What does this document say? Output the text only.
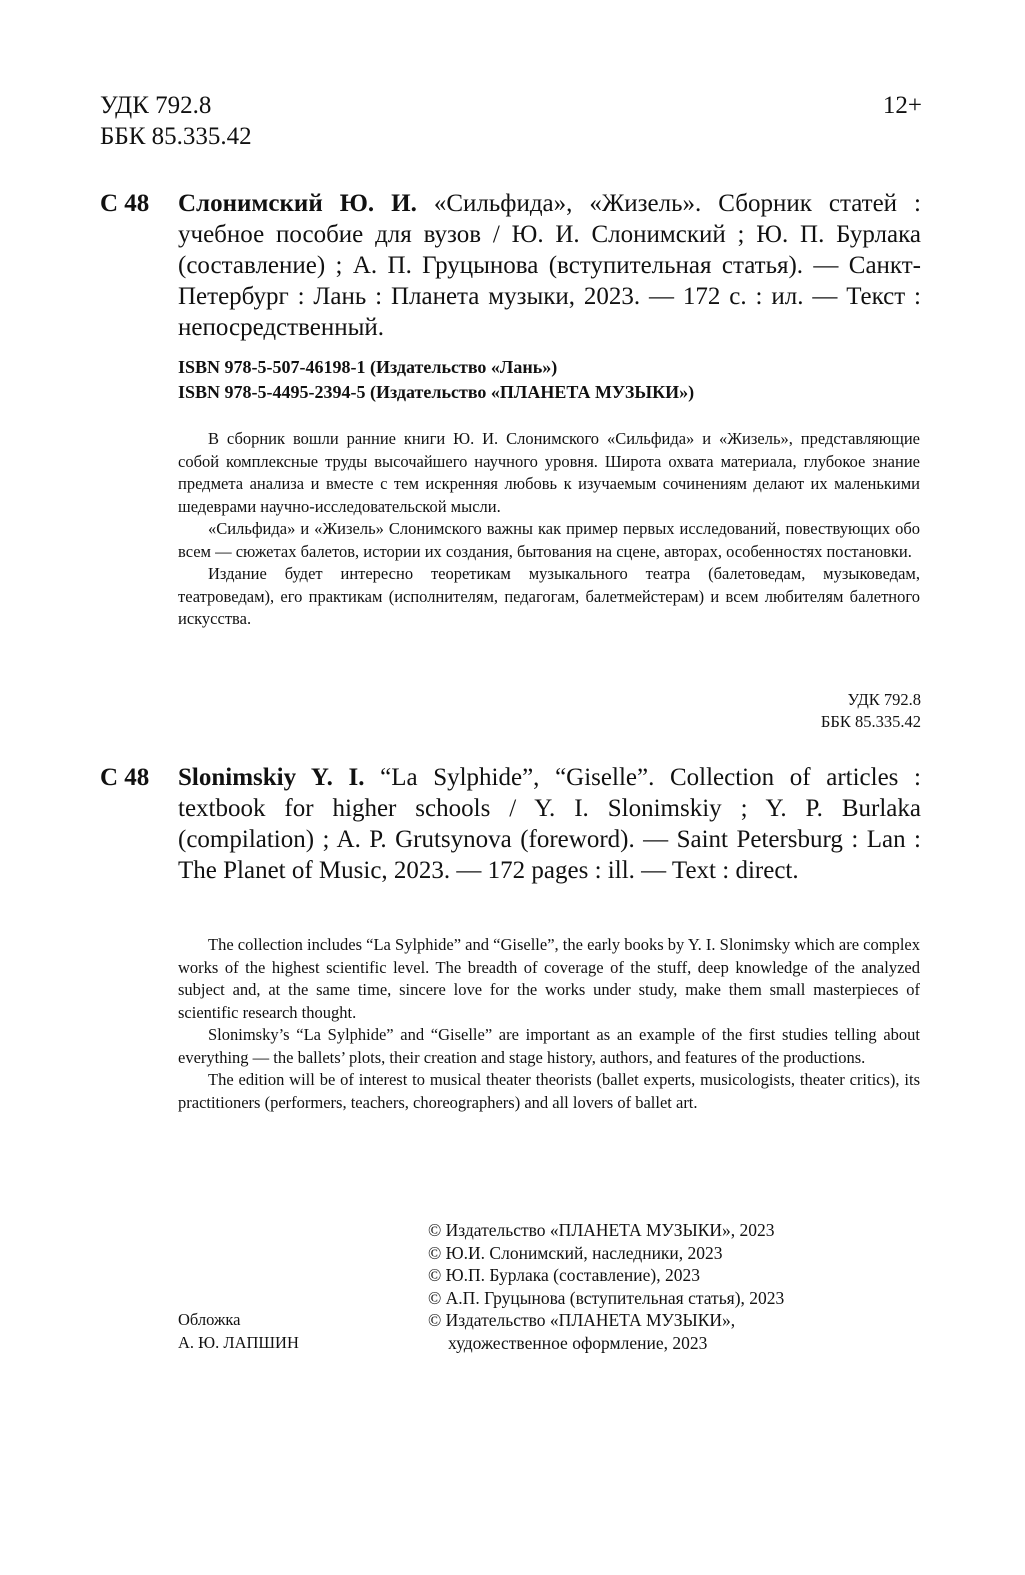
УДК 792.8
ББК 85.335.42
12+
С 48 Слонимский Ю. И. «Сильфида», «Жизель». Сборник статей : учебное пособие для вузов / Ю. И. Слонимский ; Ю. П. Бурлака (составление) ; А. П. Груцынова (вступительная статья). — Санкт-Петербург : Лань : Планета музыки, 2023. — 172 с. : ил. — Текст : непосредственный.
ISBN 978-5-507-46198-1 (Издательство «Лань»)
ISBN 978-5-4495-2394-5 (Издательство «ПЛАНЕТА МУЗЫКИ»)

В сборник вошли ранние книги Ю. И. Слонимского «Сильфида» и «Жизель», представляющие собой комплексные труды высочайшего научного уровня. Широта охвата материала, глубокое знание предмета анализа и вместе с тем искренняя любовь к изучаемым сочинениям делают их маленькими шедеврами научно-исследовательской мысли.

«Сильфида» и «Жизель» Слонимского важны как пример первых исследований, повествующих обо всем — сюжетах балетов, истории их создания, бытования на сцене, авторах, особенностях постановки.

Издание будет интересно теоретикам музыкального театра (балетоведам, музыковедам, театроведам), его практикам (исполнителям, педагогам, балетмейстерам) и всем любителям балетного искусства.

УДК 792.8
ББК 85.335.42
С 48 Slonimskiy Y. I. “La Sylphide”, “Giselle”. Collection of articles : textbook for higher schools / Y. I. Slonimskiy ; Y. P. Burlaka (compilation) ; A. P. Grutsynova (foreword). — Saint Petersburg : Lan : The Planet of Music, 2023. — 172 pages : ill. — Text : direct.

The collection includes “La Sylphide” and “Giselle”, the early books by Y. I. Slonimsky which are complex works of the highest scientific level. The breadth of coverage of the stuff, deep knowledge of the analyzed subject and, at the same time, sincere love for the works under study, make them small masterpieces of scientific research thought.

Slonimsky’s “La Sylphide” and “Giselle” are important as an example of the first studies telling about everything — the ballets’ plots, their creation and stage history, authors, and features of the productions.

The edition will be of interest to musical theater theorists (ballet experts, musicologists, theater critics), its practitioners (performers, teachers, choreographers) and all lovers of ballet art.

© Издательство «ПЛАНЕТА МУЗЫКИ», 2023
© Ю.И. Слонимский, наследники, 2023
© Ю.П. Бурлака (составление), 2023
© А.П. Груцынова (вступительная статья), 2023
© Издательство «ПЛАНЕТА МУЗЫКИ»,
художественное оформление, 2023
Обложка
А. Ю. ЛАПШИН
